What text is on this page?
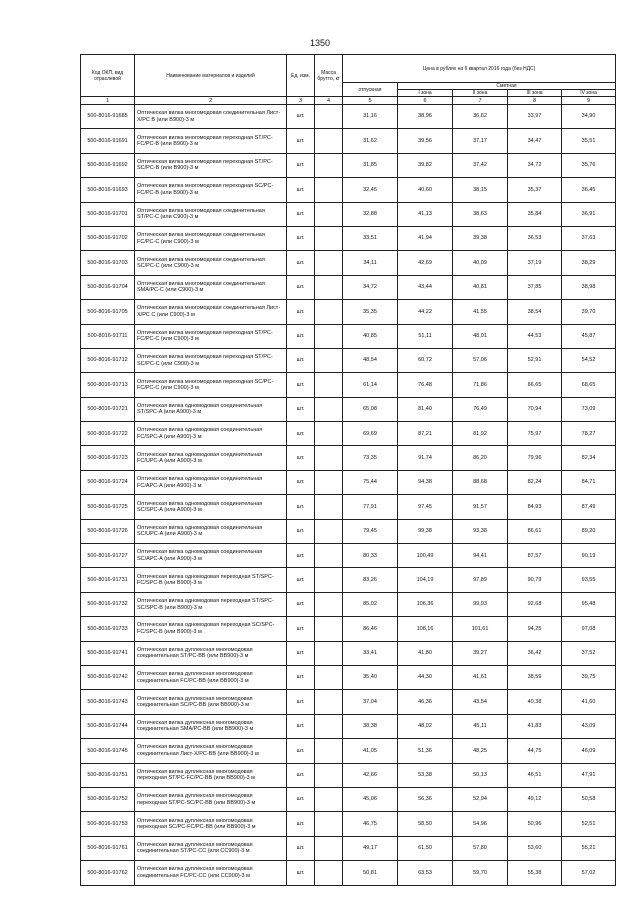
1350
Код ОКП, вид отраслевой	Наименование материалов и изделий	Ед. изм.	Масса брутто, кг	Цена в рублях на II квартал 2016 года (без НДС)				
				отпускная	Сметная			
					I зона	II зона	III зона	IV зона
1	2	3	4	5	6	7	8	9
500-8016-91685	Оптическая вилка многомодовая соединительная Лист-X/PC B (или B900)-3 м	шт.		31,16	38,96	36,62	33,97	34,90
500-8016-91691	Оптическая вилка многомодовая переходная ST/PC-FC/PC-B (или B900)-3 м	шт.		31,62	39,56	37,17	34,47	35,51
500-8016-91692	Оптическая вилка многомодовая переходная ST/PC-SC/PC-B (или B900)-3 м	шт.		31,85	39,82	37,42	34,72	35,76
500-8016-91693	Оптическая вилка многомодовая переходная SC/PC-FC/PC-B (или B900)-3 м	шт.		32,45	40,60	38,15	35,37	36,45
500-8016-91701	Оптическая вилка многомодовая соединительная ST/PC-C (или C900)-3 м	шт.		32,88	41,13	38,63	35,84	36,91
500-8016-91702	Оптическая вилка многомодовая соединительная FC/PC-C (или C900)-3 м	шт.		33,51	41,94	39,38	36,53	37,63
500-8016-91703	Оптическая вилка многомодовая соединительная SC/PC-C (или C900)-3 м	шт.		34,11	42,69	40,09	37,19	38,29
500-8016-91704	Оптическая вилка многомодовая соединительная SMA/PC-C (или C900)-3 м	шт.		34,72	43,44	40,81	37,85	38,98
500-8016-91705	Оптическая вилка многомодовая соединительная Лист-X/PC C (или C900)-3 м	шт.		35,35	44,22	41,55	38,54	39,70
500-8016-91711	Оптическая вилка многомодовая переходная ST/PC-FC/PC-C (или C900)-3 м	шт.		40,85	51,11	48,01	44,53	45,87
500-8016-91712	Оптическая вилка многомодовая переходная ST/PC-SC/PC-C (или C900)-3 м	шт.		48,54	60,72	57,06	52,91	54,52
500-8016-91713	Оптическая вилка многомодовая переходная SC/PC-FC/PC-C (или C900)-3 м	шт.		61,14	76,48	71,86	66,65	68,65
500-8016-91721	Оптическая вилка одномодовая соединительная ST/SPC-A (или A900)-3 м	шт.		65,08	81,40	76,49	70,94	73,09
500-8016-91722	Оптическая вилка одномодовая соединительная FC/SPC-A (или A900)-3 м	шт.		69,69	87,21	81,92	75,97	78,27
500-8016-91723	Оптическая вилка одномодовая соединительная FC/UPC-A (или A900)-3 м	шт.		73,35	91,74	86,20	79,96	82,34
500-8016-91724	Оптическая вилка одномодовая соединительная FC/APC-A (или A900)-3 м	шт.		75,44	94,38	88,68	82,24	84,71
500-8016-91725	Оптическая вилка одномодовая соединительная SC/SPC-A (или A900)-3 м	шт.		77,91	97,45	91,57	84,93	87,49
500-8016-91726	Оптическая вилка одномодовая соединительная SC/UPC-A (или A900)-3 м	шт.		79,45	99,38	93,38	86,61	89,20
500-8016-91727	Оптическая вилка одномодовая соединительная SC/APC-A (или A900)-3 м	шт.		80,33	100,49	94,41	87,57	90,19
500-8016-91731	Оптическая вилка одномодовая переходная ST/SPC-FC/SPC-B (или B900)-3 м	шт.		83,26	104,19	97,89	90,79	93,55
500-8016-91732	Оптическая вилка одномодовая переходная ST/SPC-SC/SPC-B (или B900)-3 м	шт.		85,02	106,36	99,93	92,68	95,48
500-8016-91733	Оптическая вилка одномодовая переходная SC/SPC-FC/SPC-B (или B900)-3 м	шт.		86,46	108,16	101,61	94,25	97,08
500-8016-91741	Оптическая вилка дуплексная многомодовая соединительная ST/PC-BB (или BB900)-3 м	шт.		33,41	41,80	39,27	36,42	37,52
500-8016-91742	Оптическая вилка дуплексная многомодовая соединительная FC/PC-BB (или BB900)-3 м	шт.		35,40	44,30	41,61	38,59	39,75
500-8016-91743	Оптическая вилка дуплексная многомодовая соединительная SC/PC-BB (или BB900)-3 м	шт.		37,04	46,36	43,54	40,38	41,60
500-8016-91744	Оптическая вилка дуплексная многомодовая соединительная SMA/PC-BB (или BB900)-3 м	шт.		38,38	48,02	45,11	41,83	43,09
500-8016-91745	Оптическая вилка дуплексная многомодовая соединительная Лист-X/PC-BB (или BB900)-3 м	шт.		41,05	51,36	48,25	44,75	46,09
500-8016-91751	Оптическая вилка дуплексная многомодовая переходная ST/PC-FC/PC-BB (или BB900)-3 м	шт.		42,66	53,38	50,13	46,51	47,91
500-8016-91752	Оптическая вилка дуплексная многомодовая переходная ST/PC-SC/PC-BB (или BB900)-3 м	шт.		45,06	56,36	52,94	49,12	50,58
500-8016-91753	Оптическая вилка дуплексная многомодовая переходная SC/PC-FC/PC-BB (или BB900)-3 м	шт.		46,75	58,50	54,96	50,96	52,51
500-8016-91761	Оптическая вилка дуплексная многомодовая соединительная ST/PC-CC (или CC900)-3 м	шт.		49,17	61,50	57,80	53,60	55,21
500-8016-91762	Оптическая вилка дуплексная многомодовая соединительная FC/PC-CC (или CC900)-3 м	шт.		50,81	63,53	59,70	55,38	57,02
